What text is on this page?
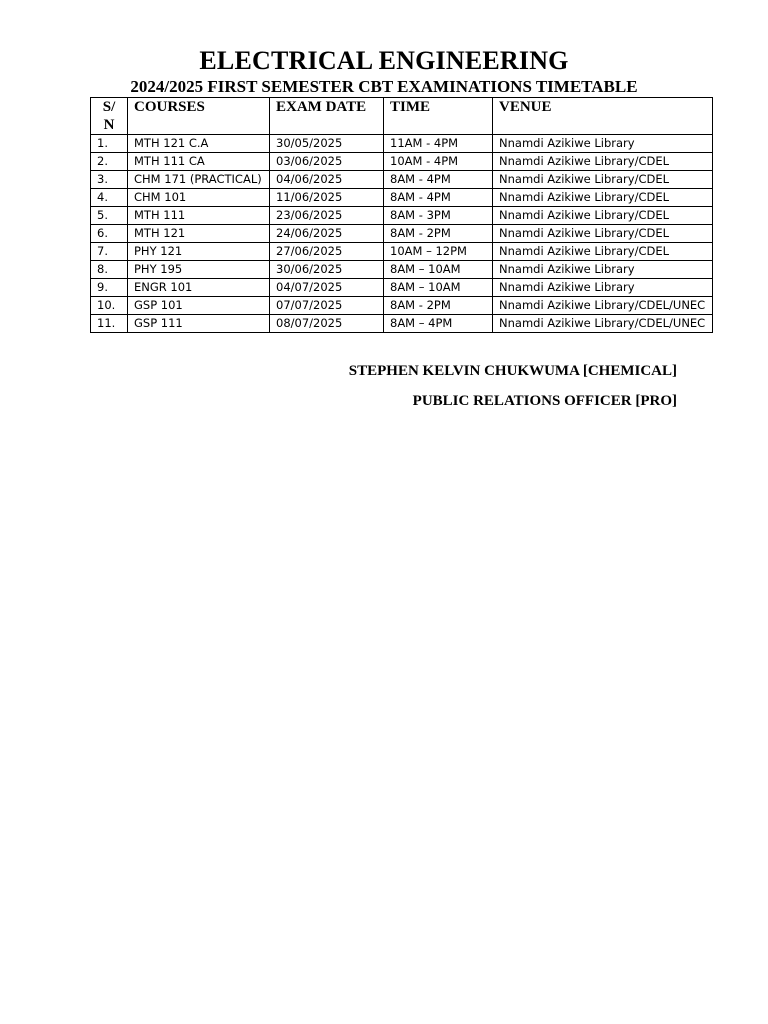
ELECTRICAL ENGINEERING
2024/2025 FIRST SEMESTER CBT EXAMINATIONS TIMETABLE
S/N	COURSES	EXAM DATE	TIME	VENUE
1.	MTH 121 C.A	30/05/2025	11AM - 4PM	Nnamdi Azikiwe Library
2.	MTH 111 CA	03/06/2025	10AM - 4PM	Nnamdi Azikiwe Library/CDEL
3.	CHM 171 (PRACTICAL)	04/06/2025	8AM - 4PM	Nnamdi Azikiwe Library/CDEL
4.	CHM 101	11/06/2025	8AM - 4PM	Nnamdi Azikiwe Library/CDEL
5.	MTH 111	23/06/2025	8AM - 3PM	Nnamdi Azikiwe Library/CDEL
6.	MTH 121	24/06/2025	8AM - 2PM	Nnamdi Azikiwe Library/CDEL
7.	PHY 121	27/06/2025	10AM – 12PM	Nnamdi Azikiwe Library/CDEL
8.	PHY 195	30/06/2025	8AM – 10AM	Nnamdi Azikiwe Library
9.	ENGR 101	04/07/2025	8AM – 10AM	Nnamdi Azikiwe Library
10.	GSP 101	07/07/2025	8AM - 2PM	Nnamdi Azikiwe Library/CDEL/UNEC
11.	GSP 111	08/07/2025	8AM – 4PM	Nnamdi Azikiwe Library/CDEL/UNEC
STEPHEN KELVIN CHUKWUMA [CHEMICAL]
PUBLIC RELATIONS OFFICER [PRO]
